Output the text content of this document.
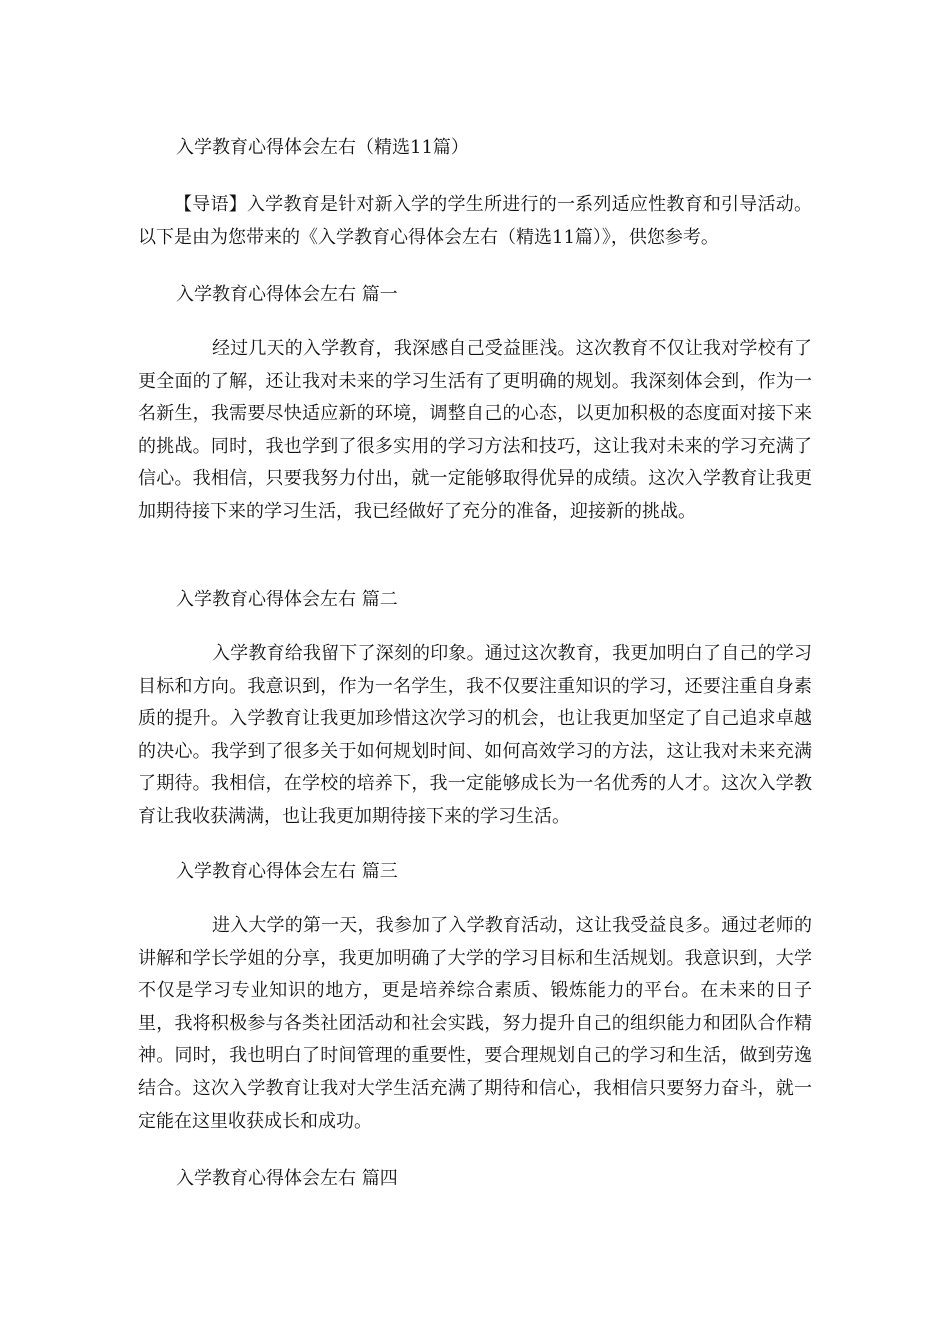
入学教育心得体会左右（精选11篇）

【导语】入学教育是针对新入学的学生所进行的一系列适应性教育和引导活动。以下是由为您带来的《入学教育心得体会左右（精选11篇）》，供您参考。

入学教育心得体会左右 篇一

经过几天的入学教育，我深感自己受益匪浅。这次教育不仅让我对学校有了更全面的了解，还让我对未来的学习生活有了更明确的规划。我深刻体会到，作为一名新生，我需要尽快适应新的环境，调整自己的心态，以更加积极的态度面对接下来的挑战。同时，我也学到了很多实用的学习方法和技巧，这让我对未来的学习充满了信心。我相信，只要我努力付出，就一定能够取得优异的成绩。这次入学教育让我更加期待接下来的学习生活，我已经做好了充分的准备，迎接新的挑战。

入学教育心得体会左右 篇二

入学教育给我留下了深刻的印象。通过这次教育，我更加明白了自己的学习目标和方向。我意识到，作为一名学生，我不仅要注重知识的学习，还要注重自身素质的提升。入学教育让我更加珍惜这次学习的机会，也让我更加坚定了自己追求卓越的决心。我学到了很多关于如何规划时间、如何高效学习的方法，这让我对未来充满了期待。我相信，在学校的培养下，我一定能够成长为一名优秀的人才。这次入学教育让我收获满满，也让我更加期待接下来的学习生活。

入学教育心得体会左右 篇三

进入大学的第一天，我参加了入学教育活动，这让我受益良多。通过老师的讲解和学长学姐的分享，我更加明确了大学的学习目标和生活规划。我意识到，大学不仅是学习专业知识的地方，更是培养综合素质、锻炼能力的平台。在未来的日子里，我将积极参与各类社团活动和社会实践，努力提升自己的组织能力和团队合作精神。同时，我也明白了时间管理的重要性，要合理规划自己的学习和生活，做到劳逸结合。这次入学教育让我对大学生活充满了期待和信心，我相信只要努力奋斗，就一定能在这里收获成长和成功。

入学教育心得体会左右 篇四
